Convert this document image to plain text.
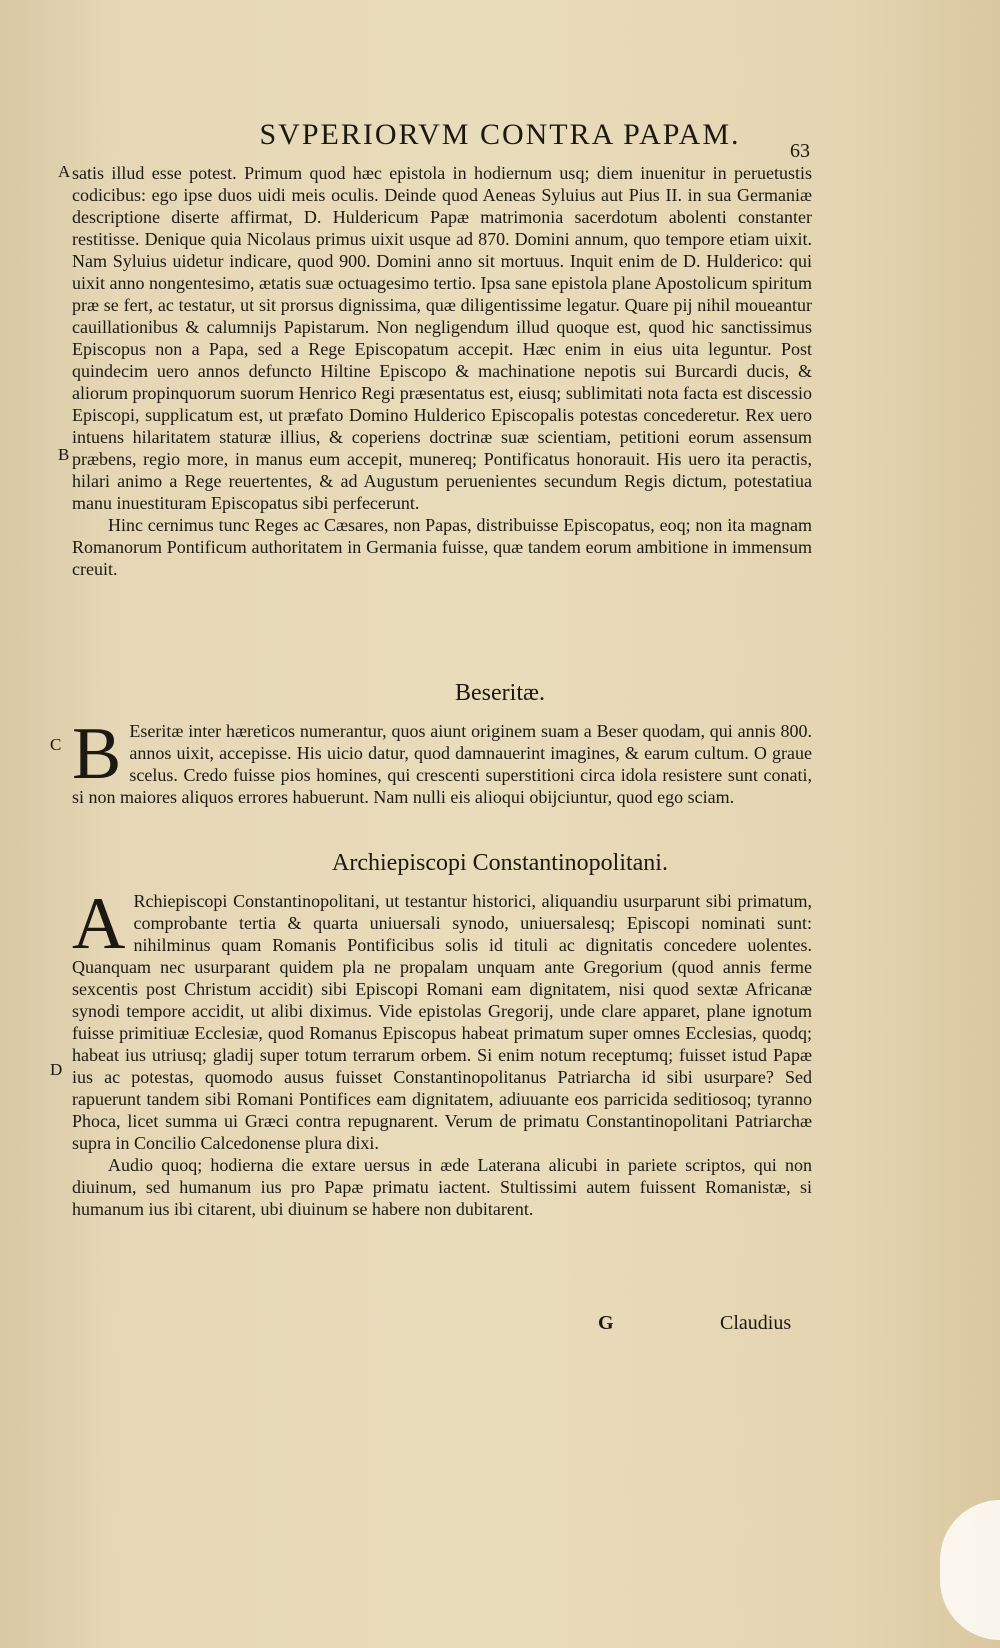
SVPERIORVM CONTRA PAPAM.	63
A
B
C
D

satis illud esse potest. Primum quod hæc epistola in hodiernum usq; diem inuenitur in peruetustis codicibus: ego ipse duos uidi meis oculis. Deinde quod Aeneas Syluius aut Pius II. in sua Germaniæ descriptione diserte affirmat, D. Huldericum Papæ matrimonia sacerdotum abolenti constanter restitisse. Denique quia Nicolaus primus uixit usque ad 870. Domini annum, quo tempore etiam uixit. Nam Syluius uidetur indicare, quod 900. Domini anno sit mortuus. Inquit enim de D. Hulderico: qui uixit anno nongentesimo, ætatis suæ octuagesimo tertio. Ipsa sane epistola plane Apostolicum spiritum præ se fert, ac testatur, ut sit prorsus dignissima, quæ diligentissime legatur. Quare pij nihil moueantur cauillationibus & calumnijs Papistarum. Non negligendum illud quoque est, quod hic sanctissimus Episcopus non a Papa, sed a Rege Episcopatum accepit. Hæc enim in eius uita leguntur. Post quindecim uero annos defuncto Hiltine Episcopo & machinatione nepotis sui Burcardi ducis, & aliorum propinquorum suorum Henrico Regi præsentatus est, eiusq; sublimitati nota facta est discessio Episcopi, supplicatum est, ut præfato Domino Hulderico Episcopalis potestas concederetur. Rex uero intuens hilaritatem staturæ illius, & coperiens doctrinæ suæ scientiam, petitioni eorum assensum præbens, regio more, in manus eum accepit, munereq; Pontificatus honorauit. His uero ita peractis, hilari animo a Rege reuertentes, & ad Augustum peruenientes secundum Regis dictum, potestatiua manu inuestituram Episcopatus sibi perfecerunt.

Hinc cernimus tunc Reges ac Cæsares, non Papas, distribuisse Episcopatus, eoq; non ita magnam Romanorum Pontificum authoritatem in Germania fuisse, quæ tandem eorum ambitione in immensum creuit.

Beseritæ.
B Eseritæ inter hæreticos numerantur, quos aiunt originem suam a Beser quodam, qui annis 800. annos uixit, accepisse. His uicio datur, quod damnauerint imagines, & earum cultum. O graue scelus. Credo fuisse pios homines, qui crescenti superstitioni circa idola resistere sunt conati, si non maiores aliquos errores habuerunt. Nam nulli eis alioqui obijciuntur, quod ego sciam.

Archiepiscopi Constantinopolitani.
A Rchiepiscopi Constantinopolitani, ut testantur historici, aliquandiu usurparunt sibi primatum, comprobante tertia & quarta uniuersali synodo, uniuersalesq; Episcopi nominati sunt: nihilminus quam Romanis Pontificibus solis id tituli ac dignitatis concedere uolentes. Quanquam nec usurparant quidem pla ne propalam unquam ante Gregorium (quod annis ferme sexcentis post Christum accidit) sibi Episcopi Romani eam dignitatem, nisi quod sextæ Africanæ synodi tempore accidit, ut alibi diximus. Vide epistolas Gregorij, unde clare apparet, plane ignotum fuisse primitiuæ Ecclesiæ, quod Romanus Episcopus habeat primatum super omnes Ecclesias, quodq; habeat ius utriusq; gladij super totum terrarum orbem. Si enim notum receptumq; fuisset istud Papæ ius ac potestas, quomodo ausus fuisset Constantinopolitanus Patriarcha id sibi usurpare? Sed rapuerunt tandem sibi Romani Pontifices eam dignitatem, adiuuante eos parricida seditiosoq; tyranno Phoca, licet summa ui Græci contra repugnarent. Verum de primatu Constantinopolitani Patriarchæ supra in Concilio Calcedonense plura dixi.

Audio quoq; hodierna die extare uersus in æde Laterana alicubi in pariete scriptos, qui non diuinum, sed humanum ius pro Papæ primatu iactent. Stultissimi autem fuissent Romanistæ, si humanum ius ibi citarent, ubi diuinum se habere non dubitarent.

G	Claudius
